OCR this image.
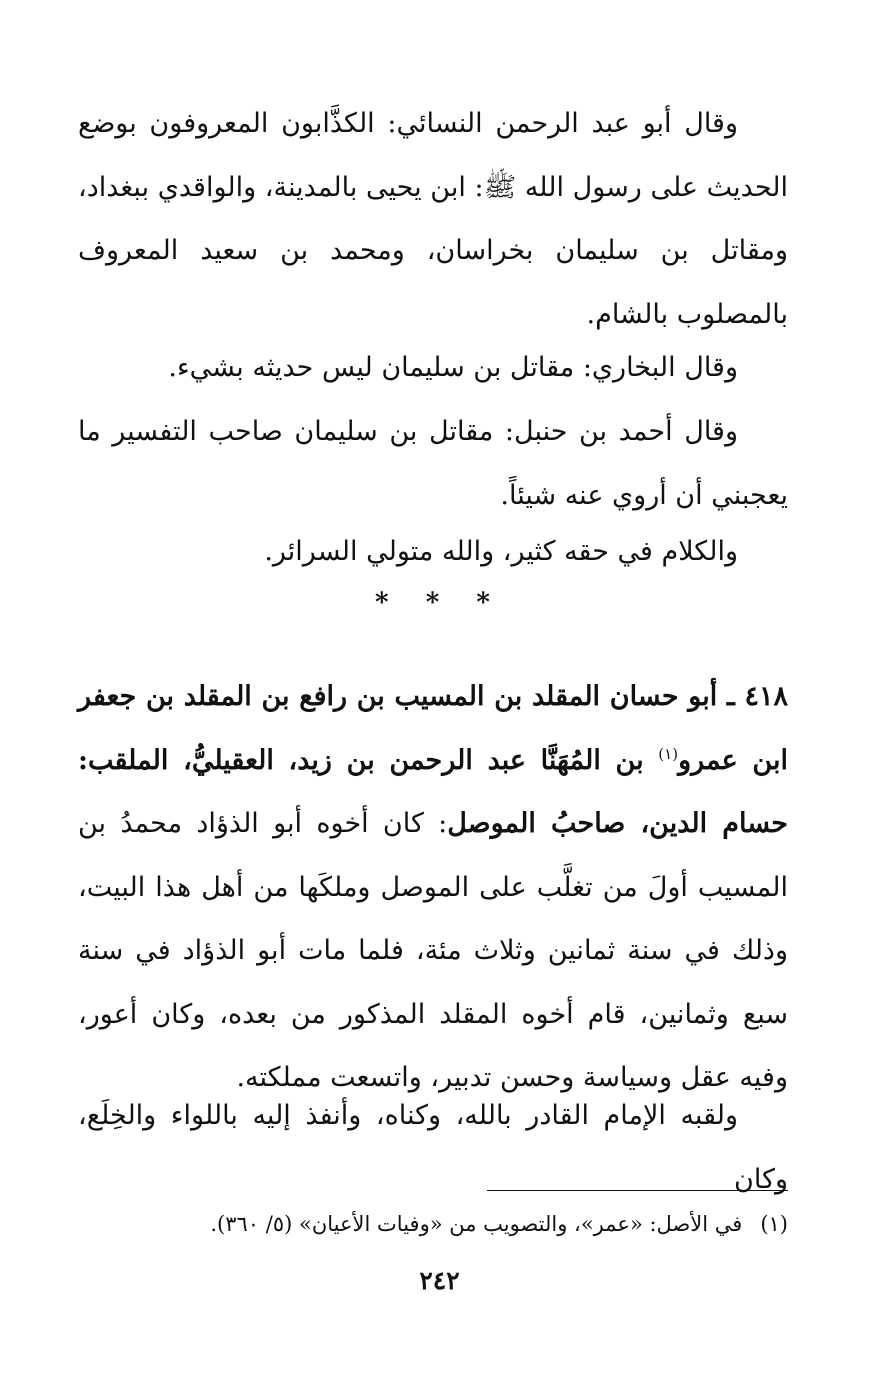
وقال أبو عبد الرحمن النسائي: الكذَّابون المعروفون بوضع الحديث على رسول الله ﷺ: ابن يحيى بالمدينة، والواقدي ببغداد، ومقاتل بن سليمان بخراسان، ومحمد بن سعيد المعروف بالمصلوب بالشام.

وقال البخاري: مقاتل بن سليمان ليس حديثه بشيء.

وقال أحمد بن حنبل: مقاتل بن سليمان صاحب التفسير ما يعجبني أن أروي عنه شيئاً.

والكلام في حقه كثير، والله متولي السرائر.

* * *

٤١٨ ـ أبو حسان المقلد بن المسيب بن رافع بن المقلد بن جعفر ابن عمرو$^{(١)}$ بن المُهَنَّا عبد الرحمن بن زيد، العقيليُّ، الملقب: حسام الدين، صاحبُ الموصل: كان أخوه أبو الذؤاد محمدُ بن المسيب أولَ من تغلَّب على الموصل وملكَها من أهل هذا البيت، وذلك في سنة ثمانين وثلاث مئة، فلما مات أبو الذؤاد في سنة سبع وثمانين، قام أخوه المقلد المذكور من بعده، وكان أعور، وفيه عقل وسياسة وحسن تدبير، واتسعت مملكته.

ولقبه الإمام القادر بالله، وكناه، وأنفذ إليه باللواء والخِلَع، وكان

(١)في الأصل: «عمر»، والتصويب من «وفيات الأعيان» (٥/ ٣٦٠).
٢٤٢
